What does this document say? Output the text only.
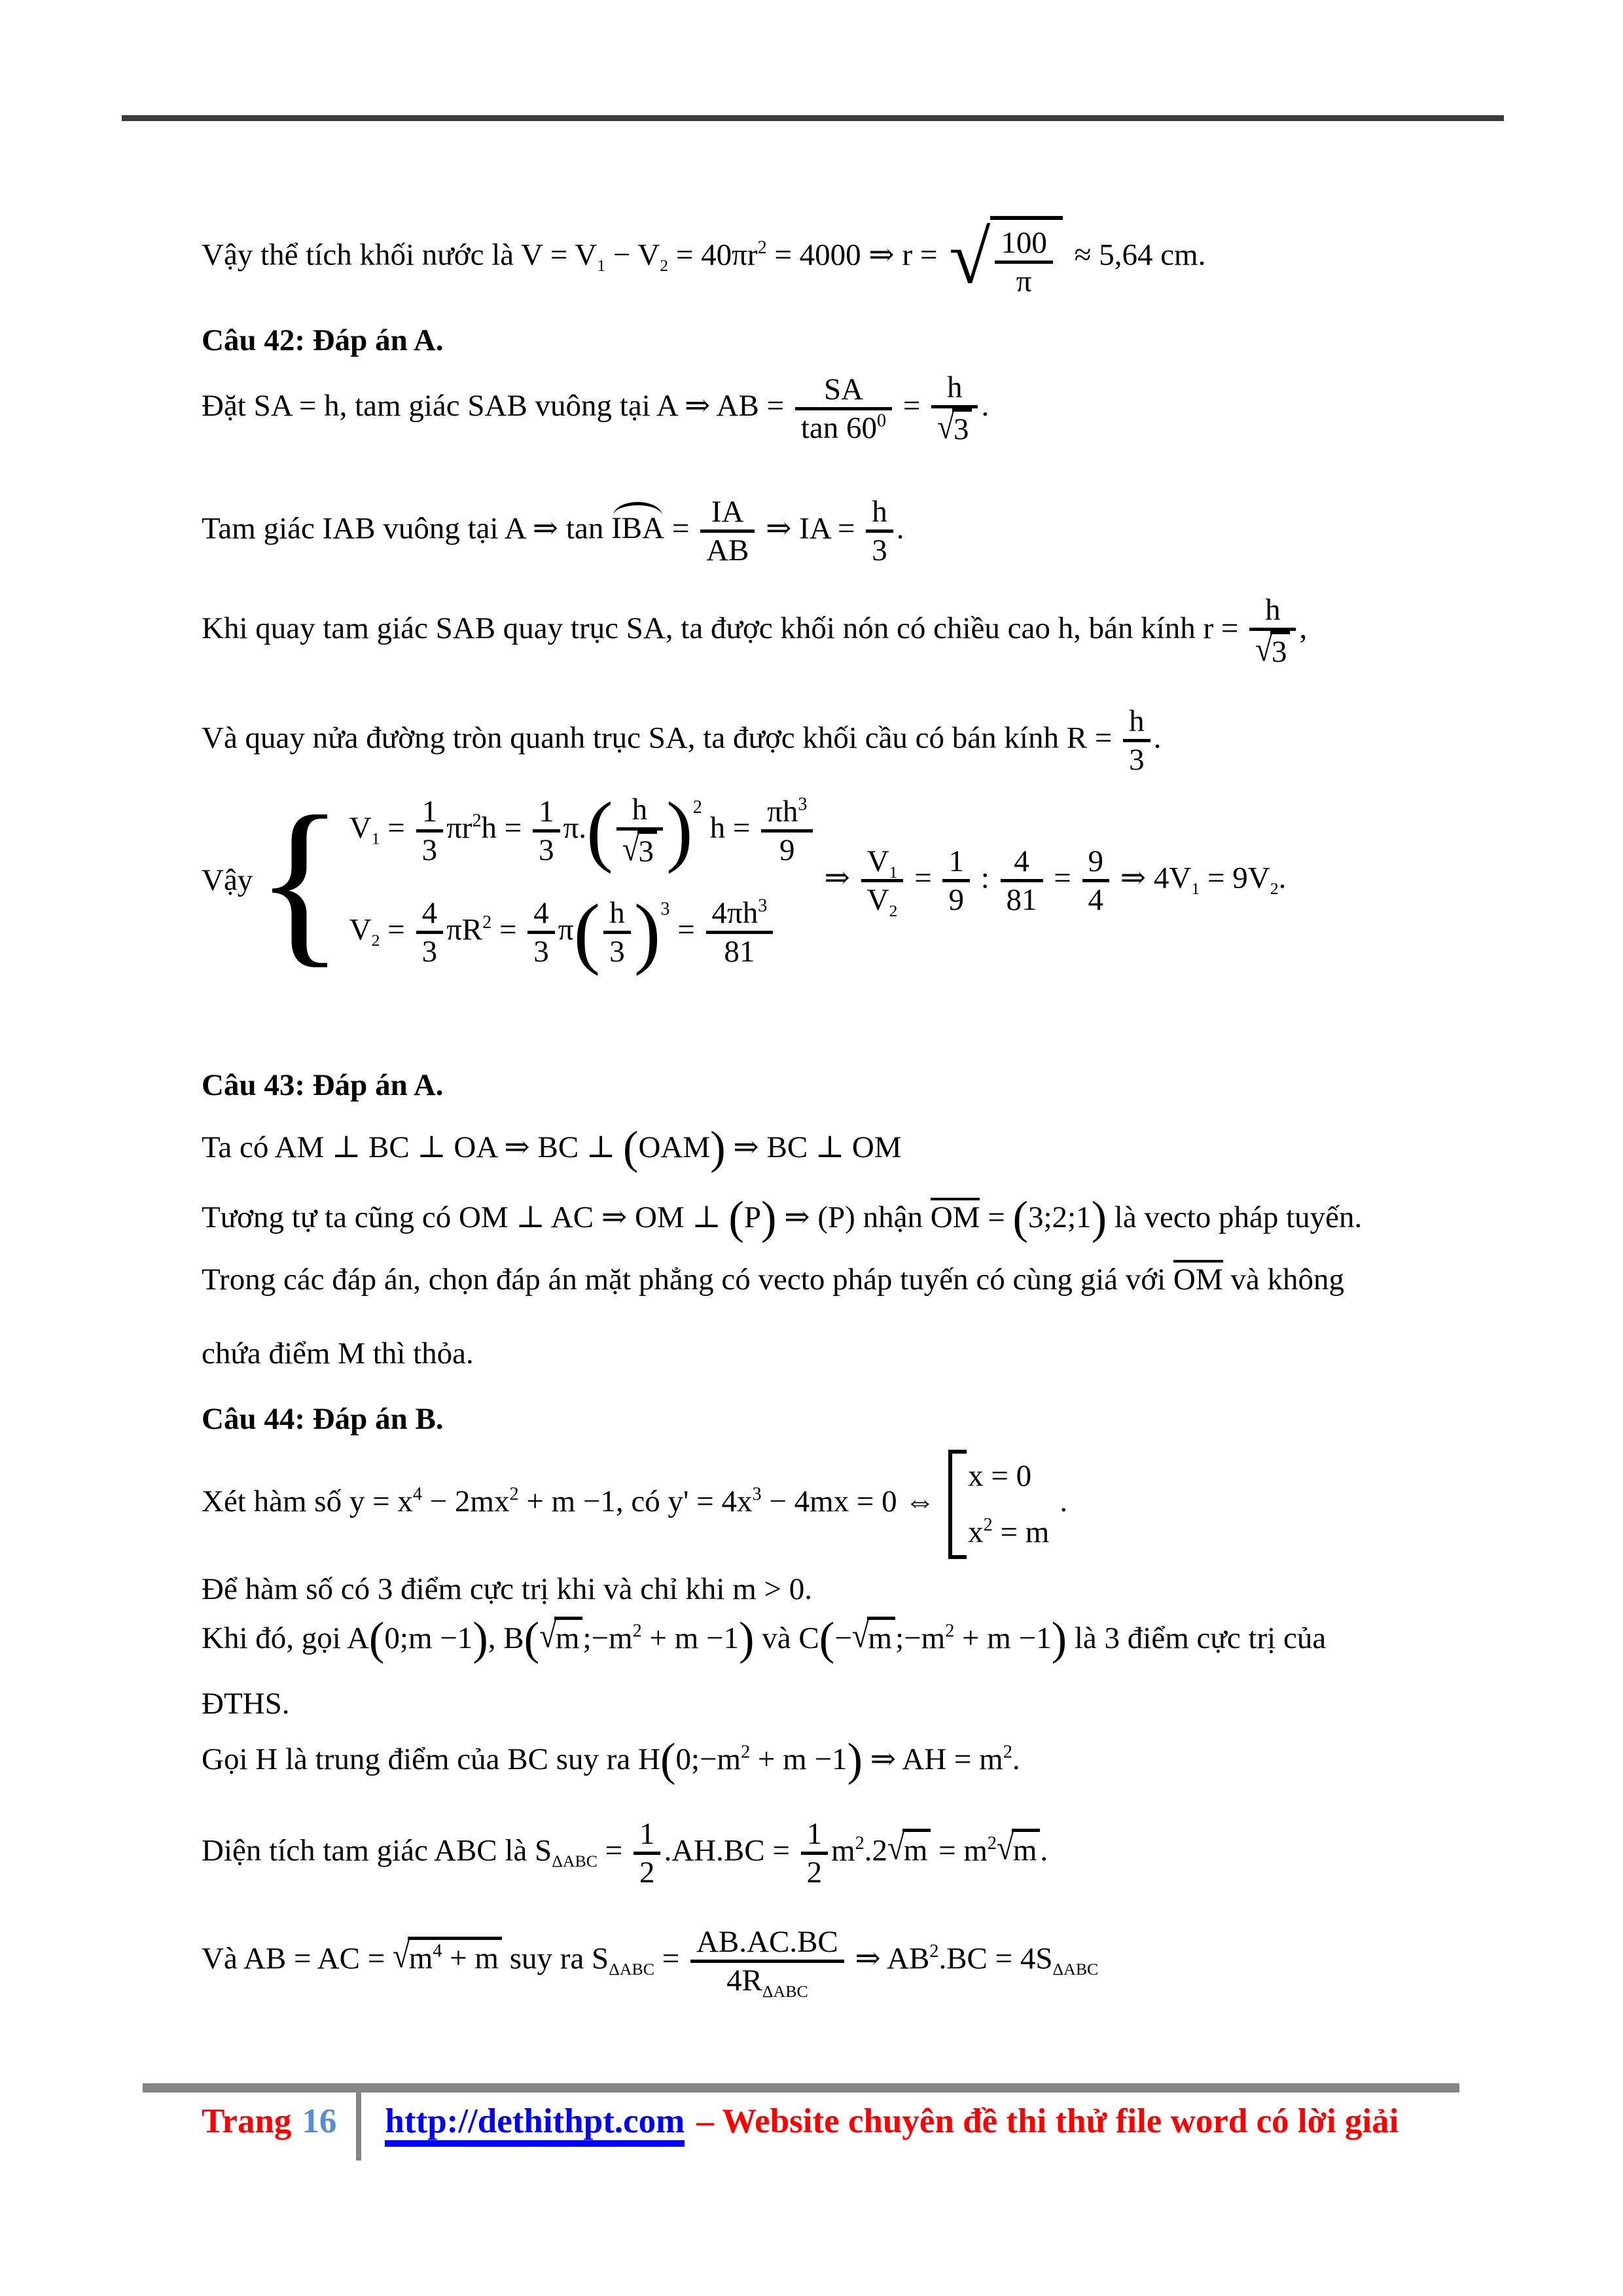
Vậy thể tích khối nước là $V = V_1 - V_2 = 40\pi r^2 = 4000$ ⇒ r = √ $\frac{100}{\pi} \approx 5,64$ cm.

Câu 42: Đáp án A.

Đặt SA = h, tam giác SAB vuông tại A ⇒ AB = $\frac{SA}{\tan 60^0} = \frac{h}{√3}$ .

Tam giác IAB vuông tại A ⇒ tan IBA = $\frac{IA}{AB}$ ⇒ IA = $\frac{h}{3}$ .

Khi quay tam giác SAB quay trục SA, ta được khối nón có chiều cao h, bán kính $r = \frac{h}{√3}$ ,

Và quay nửa đường tròn quanh trục SA, ta được khối cầu có bán kính $R = \frac{h}{3}$ .

Vậy { $V_1 = \frac{1}{3} \pi r^2h = \frac{1}{3} \pi.( \frac{h}{√3} )^2$ $h = \frac{\pi h^3}{9}$
$V_2 = \frac{4}{3} \pi R^2 = \frac{4}{3} \pi( \frac{h}{3} )^3 = \frac{4\pi h^3}{81}$
⇒ $\frac{V_1}{V_2} = \frac{1}{9}$ : $\frac{4}{81} = \frac{9}{4}$ ⇒ $4V_1 = 9V_2$.

Câu 43: Đáp án A.

Ta có AM ⊥ BC ⊥ OA ⇒ BC ⊥ (OAM) ⇒ BC ⊥ OM

Tương tự ta cũng có OM ⊥ AC ⇒ OM ⊥ (P) ⇒ (P) nhận OM = (3;2;1) là vecto pháp tuyến.

Trong các đáp án, chọn đáp án mặt phẳng có vecto pháp tuyến có cùng giá với OM và không

chứa điểm M thì thỏa.

Câu 44: Đáp án B.

Xét hàm số $y = x^4 - 2mx^2 + m -1$, có $y' = 4x^3 - 4mx = 0$ ⇔
x = 0
$x^2 = m$
.

Để hàm số có 3 điểm cực trị khi và chỉ khi m > 0.

Khi đó, gọi A(0;m −1), B(√m $;-m^2 + m -1$) và C(−√m $;-m^2 + m -1$) là 3 điểm cực trị của

ĐTHS.

Gọi H là trung điểm của BC suy ra $H(0;-m^2 + m -1)$ ⇒ AH = $m^2$.

Diện tích tam giác ABC là $S_{\Delta ABC} = \frac{1}{2} .AH.BC = \frac{1}{2} m^2.2√m = m^2√m$ .

Và AB = AC = $√m^4 + m$ suy ra $S_{\Delta ABC} = \frac{AB.AC.BC}{4R_{\Delta ABC}}$ ⇒ $AB^2.BC = 4S_{\Delta ABC}$

Trang 16	http://dethithpt.com – Website chuyên đề thi thử file word có lời giải
